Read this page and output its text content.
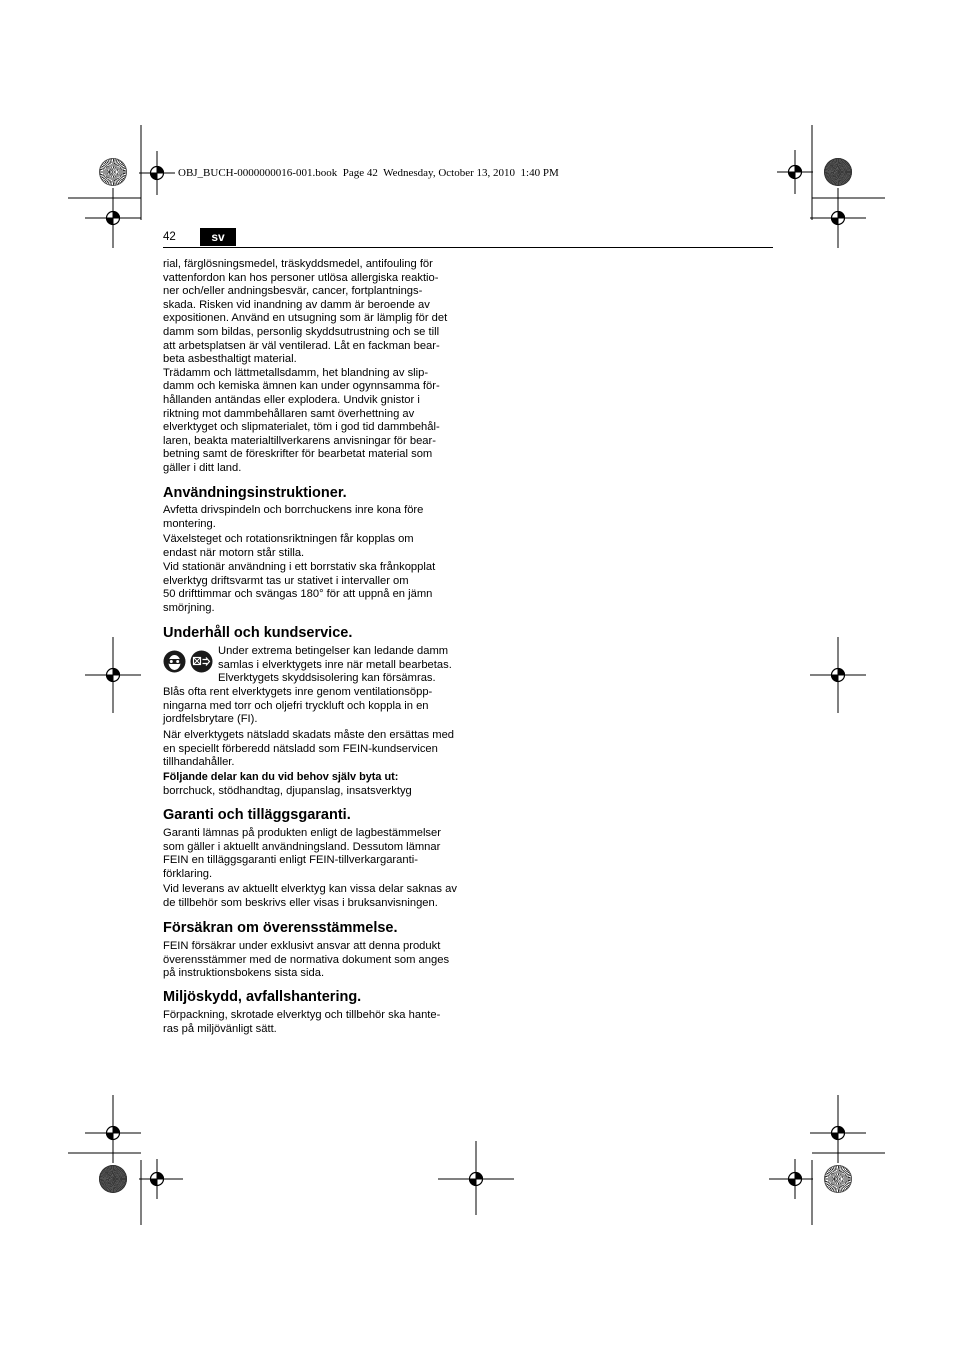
OBJ_BUCH-0000000016-001.book  Page 42  Wednesday, October 13, 2010  1:40 PM
42	sv
rial, färglösningsmedel, träskyddsmedel, antifouling för
vattenfordon kan hos personer utlösa allergiska reaktio-
ner och/eller andningsbesvär, cancer, fortplantnings-
skada. Risken vid inandning av damm är beroende av
expositionen. Använd en utsugning som är lämplig för det
damm som bildas, personlig skyddsutrustning och se till
att arbetsplatsen är väl ventilerad. Låt en fackman bear-
beta asbesthaltigt material.
Trädamm och lättmetallsdamm, het blandning av slip-
damm och kemiska ämnen kan under ogynnsamma för-
hållanden antändas eller explodera. Undvik gnistor i
riktning mot dammbehållaren samt överhettning av
elverktyget och slipmaterialet, töm i god tid dammbehål-
laren, beakta materialtillverkarens anvisningar för bear-
betning samt de föreskrifter för bearbetat material som
gäller i ditt land.
Användningsinstruktioner.
Avfetta drivspindeln och borrchuckens inre kona före
montering.
Växelsteget och rotationsriktningen får kopplas om
endast när motorn står stilla.
Vid stationär användning i ett borrstativ ska frånkopplat
elverktyg driftsvarmt tas ur stativet i intervaller om
50 drifttimmar och svängas 180° för att uppnå en jämn
smörjning.
Underhåll och kundservice.
Under extrema betingelser kan ledande damm
samlas i elverktygets inre när metall bearbetas.
Elverktygets skyddsisolering kan försämras.
Blås ofta rent elverktygets inre genom ventilationsöpp-
ningarna med torr och oljefri tryckluft och koppla in en
jordfelsbrytare (FI).
När elverktygets nätsladd skadats måste den ersättas med
en speciellt förberedd nätsladd som FEIN-kundservicen
tillhandahåller.
Följande delar kan du vid behov själv byta ut:
borrchuck, stödhandtag, djupanslag, insatsverktyg
Garanti och tilläggsgaranti.
Garanti lämnas på produkten enligt de lagbestämmelser
som gäller i aktuellt användningsland. Dessutom lämnar
FEIN en tilläggsgaranti enligt FEIN-tillverkargaranti-
förklaring.
Vid leverans av aktuellt elverktyg kan vissa delar saknas av
de tillbehör som beskrivs eller visas i bruksanvisningen.
Försäkran om överensstämmelse.
FEIN försäkrar under exklusivt ansvar att denna produkt
överensstämmer med de normativa dokument som anges
på instruktionsbokens sista sida.
Miljöskydd, avfallshantering.
Förpackning, skrotade elverktyg och tillbehör ska hante-
ras på miljövänligt sätt.
